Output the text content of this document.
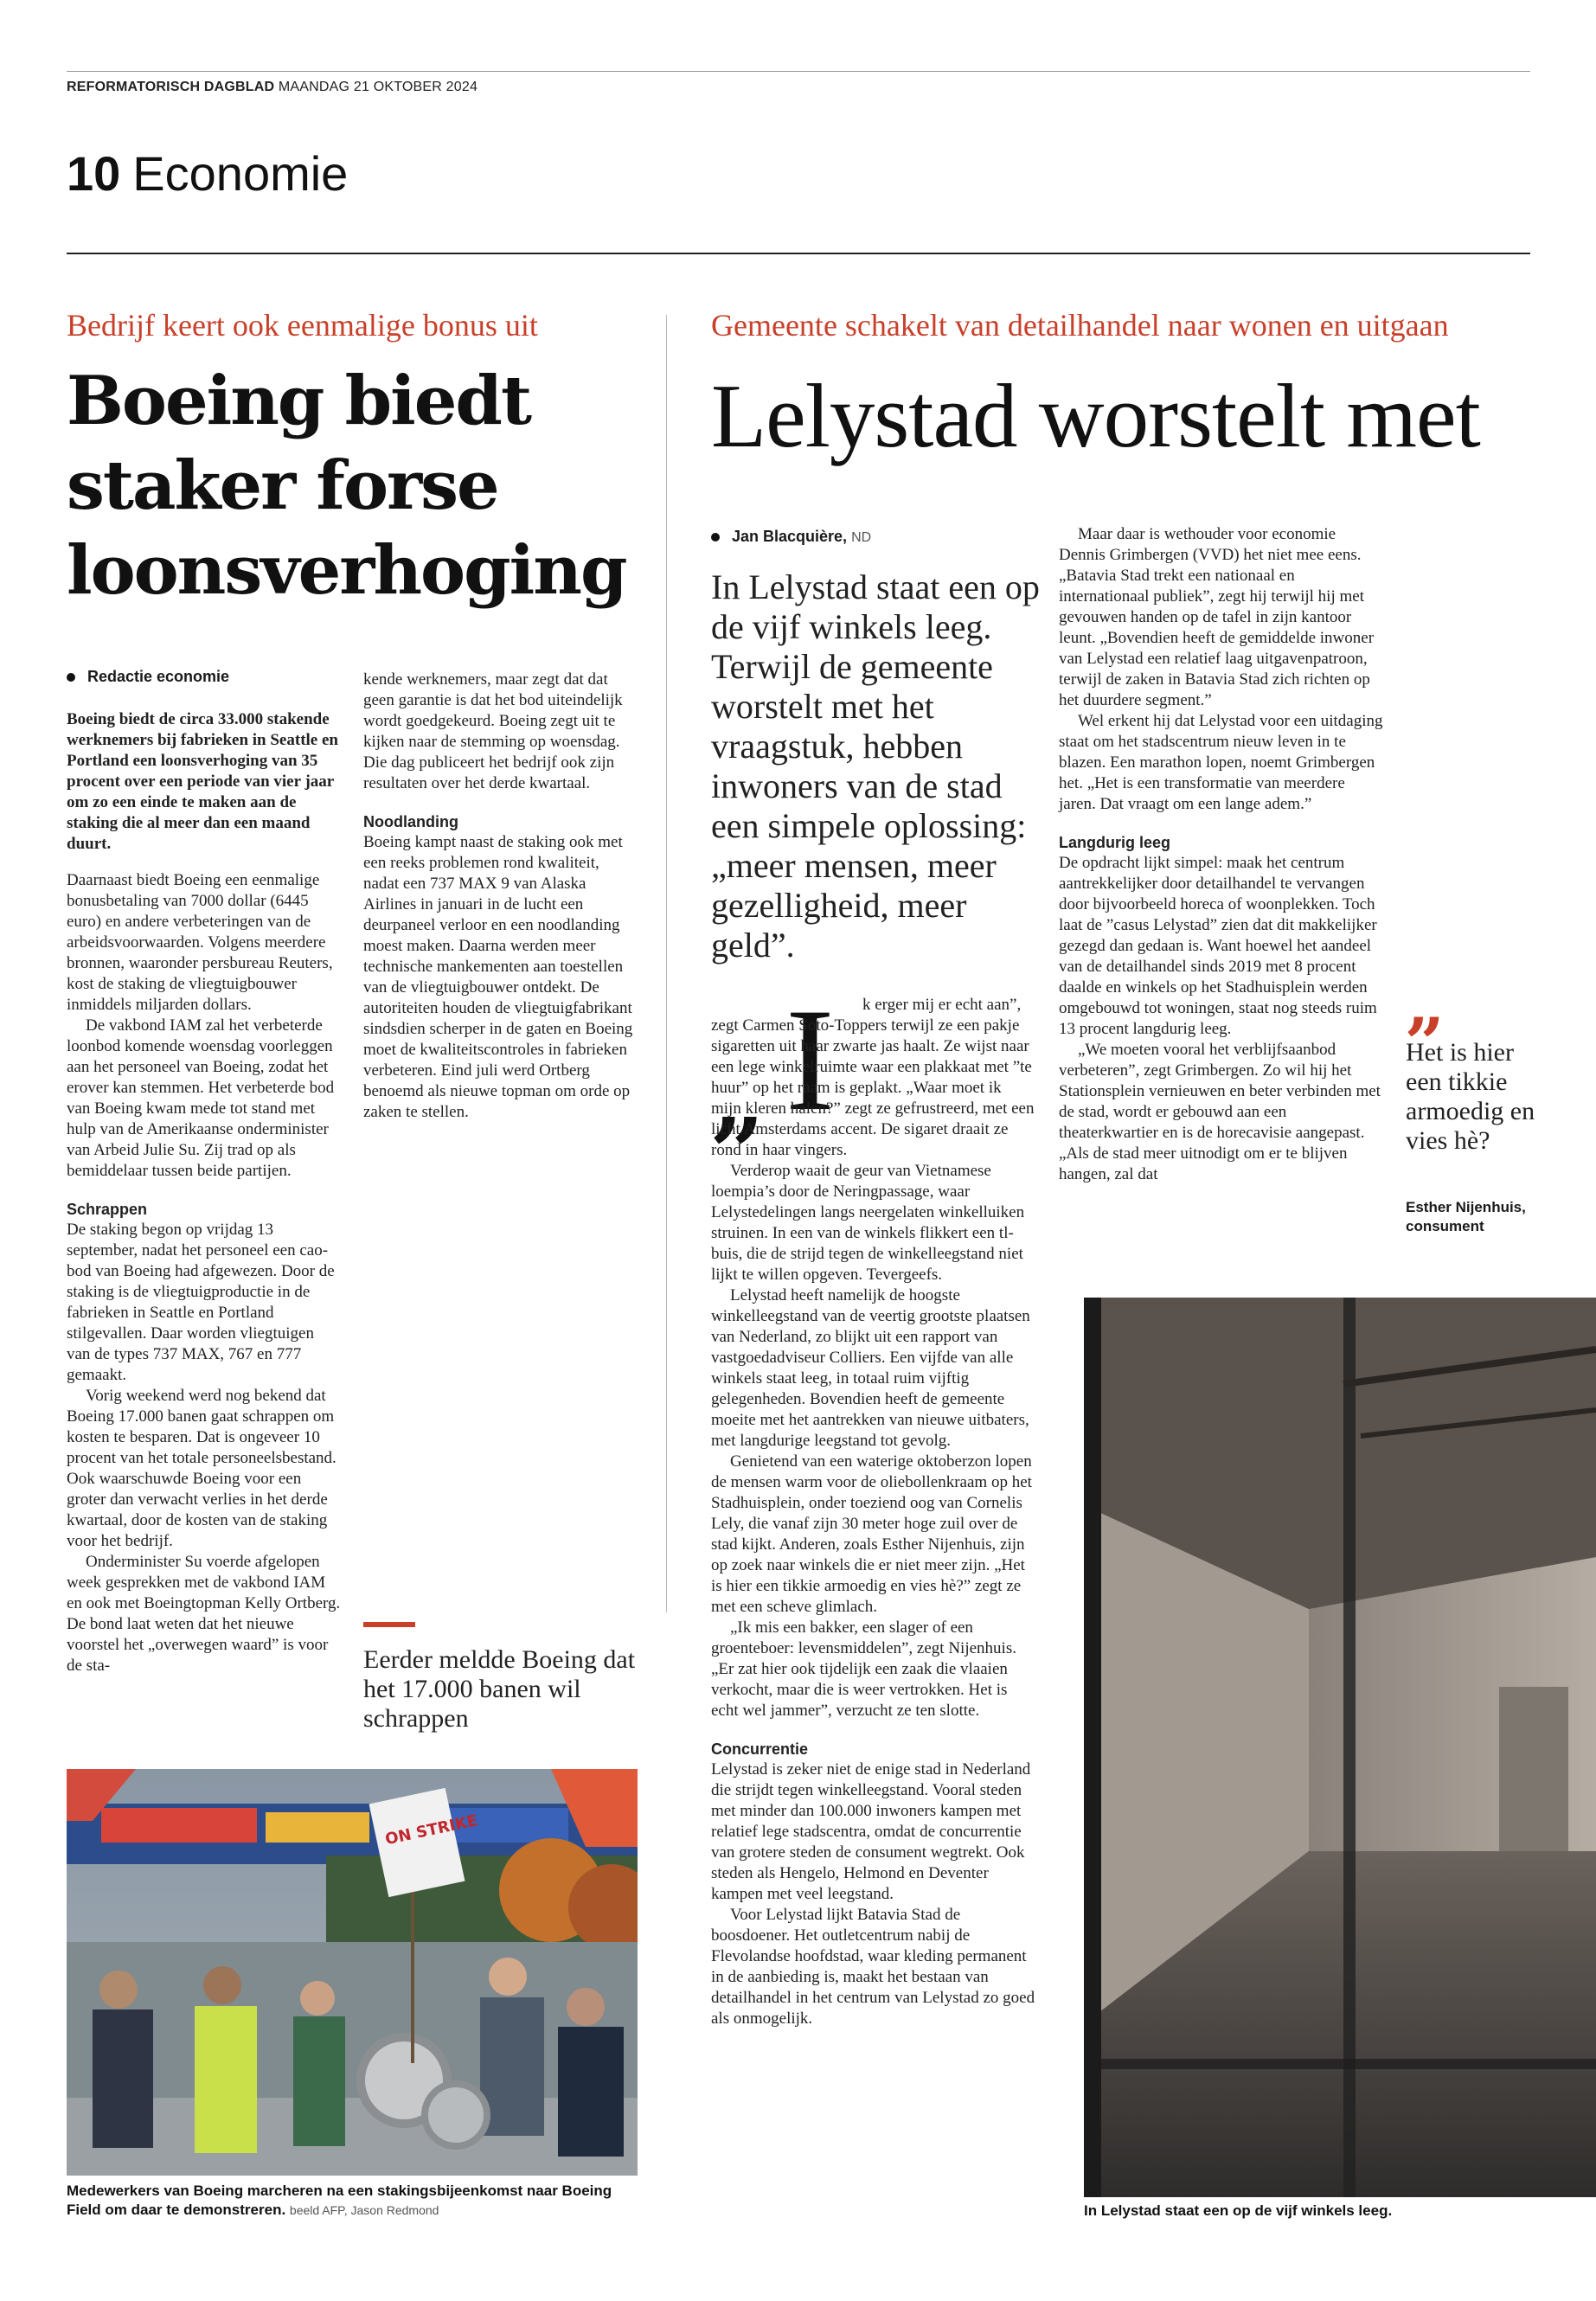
REFORMATORISCH DAGBLAD MAANDAG 21 OKTOBER 2024
10 Economie
Bedrijf keert ook eenmalige bonus uit
Boeing biedt
staker forse
loonsverhoging
Redactie economie

Boeing biedt de circa 33.000 stakende werknemers bij fabrieken in Seattle en Portland een loonsverhoging van 35 procent over een periode van vier jaar om zo een einde te maken aan de staking die al meer dan een maand duurt.

Daarnaast biedt Boeing een eenmalige bonusbetaling van 7000 dollar (6445 euro) en andere verbeteringen van de arbeidsvoorwaarden. Volgens meerdere bronnen, waaronder persbureau Reuters, kost de staking de vliegtuigbouwer inmiddels miljarden dollars.

De vakbond IAM zal het verbeterde loonbod komende woensdag voorleggen aan het personeel van Boeing, zodat het erover kan stemmen. Het verbeterde bod van Boeing kwam mede tot stand met hulp van de Amerikaanse onderminister van Arbeid Julie Su. Zij trad op als bemiddelaar tussen beide partijen.

Schrappen

De staking begon op vrijdag 13 september, nadat het personeel een cao-bod van Boeing had afgewezen. Door de staking is de vliegtuigproductie in de fabrieken in Seattle en Portland stilgevallen. Daar worden vliegtuigen van de types 737 MAX, 767 en 777 gemaakt.

Vorig weekend werd nog bekend dat Boeing 17.000 banen gaat schrappen om kosten te besparen. Dat is ongeveer 10 procent van het totale personeelsbestand. Ook waarschuwde Boeing voor een groter dan verwacht verlies in het derde kwartaal, door de kosten van de staking voor het bedrijf.

Onderminister Su voerde afgelopen week gesprekken met de vakbond IAM en ook met Boeingtopman Kelly Ortberg. De bond laat weten dat het nieuwe voorstel het „overwegen waard” is voor de sta-

kende werknemers, maar zegt dat dat geen garantie is dat het bod uiteindelijk wordt goedgekeurd. Boeing zegt uit te kijken naar de stemming op woensdag. Die dag publiceert het bedrijf ook zijn resultaten over het derde kwartaal.

Noodlanding

Boeing kampt naast de staking ook met een reeks problemen rond kwaliteit, nadat een 737 MAX 9 van Alaska Airlines in januari in de lucht een deurpaneel verloor en een noodlanding moest maken. Daarna werden meer technische mankementen aan toestellen van de vliegtuigbouwer ontdekt. De autoriteiten houden de vliegtuigfabrikant sindsdien scherper in de gaten en Boeing moet de kwaliteitscontroles in fabrieken verbeteren. Eind juli werd Ortberg benoemd als nieuwe topman om orde op zaken te stellen.

Eerder meldde Boeing dat het 17.000 banen wil schrappen
ON STRIKE
Medewerkers van Boeing marcheren na een stakingsbijeenkomst naar Boeing Field om daar te demonstreren. beeld AFP, Jason Redmond
Gemeente schakelt van detailhandel naar wonen en uitgaan
Lelystad worstelt met
Jan Blacquière, ND
In Lelystad staat een op de vijf winkels leeg. Terwijl de gemeente worstelt met het vraagstuk, hebben inwoners van de stad een simpele oplossing: „meer mensen, meer gezelligheid, meer geld”.
„ I	k erger mij er echt aan”, zegt Carmen Soto-Toppers terwijl ze een pakje sigaretten uit haar zwarte jas haalt. Ze wijst naar een lege winkelruimte waar een plakkaat met ”te huur” op het raam is geplakt. „Waar moet ik mijn kleren halen?” zegt ze gefrustreerd, met een licht Amsterdams accent. De sigaret draait ze rond in haar vingers.

Verderop waait de geur van Vietnamese loempia’s door de Neringpassage, waar Lelystedelingen langs neergelaten winkelluiken struinen. In een van de winkels flikkert een tl-buis, die de strijd tegen de winkelleegstand niet lijkt te willen opgeven. Tevergeefs.

Lelystad heeft namelijk de hoogste winkelleegstand van de veertig grootste plaatsen van Nederland, zo blijkt uit een rapport van vastgoedadviseur Colliers. Een vijfde van alle winkels staat leeg, in totaal ruim vijftig gelegenheden. Bovendien heeft de gemeente moeite met het aantrekken van nieuwe uitbaters, met langdurige leegstand tot gevolg.

Genietend van een waterige oktoberzon lopen de mensen warm voor de oliebollenkraam op het Stadhuisplein, onder toeziend oog van Cornelis Lely, die vanaf zijn 30 meter hoge zuil over de stad kijkt. Anderen, zoals Esther Nijenhuis, zijn op zoek naar winkels die er niet meer zijn. „Het is hier een tikkie armoedig en vies hè?” zegt ze met een scheve glimlach.

„Ik mis een bakker, een slager of een groenteboer: levensmiddelen”, zegt Nijenhuis. „Er zat hier ook tijdelijk een zaak die vlaaien verkocht, maar die is weer vertrokken. Het is echt wel jammer”, verzucht ze ten slotte.

Concurrentie

Lelystad is zeker niet de enige stad in Nederland die strijdt tegen winkelleegstand. Vooral steden met minder dan 100.000 inwoners kampen met relatief lege stadscentra, omdat de concurrentie van grotere steden de consument wegtrekt. Ook steden als Hengelo, Helmond en Deventer kampen met veel leegstand.

Voor Lelystad lijkt Batavia Stad de boosdoener. Het outletcentrum nabij de Flevolandse hoofdstad, waar kleding permanent in de aanbieding is, maakt het bestaan van detailhandel in het centrum van Lelystad zo goed als onmogelijk.

Maar daar is wethouder voor economie Dennis Grimbergen (VVD) het niet mee eens. „Batavia Stad trekt een nationaal en internationaal publiek”, zegt hij terwijl hij met gevouwen handen op de tafel in zijn kantoor leunt. „Bovendien heeft de gemiddelde inwoner van Lelystad een relatief laag uitgavenpatroon, terwijl de zaken in Batavia Stad zich richten op het duurdere segment.”

Wel erkent hij dat Lelystad voor een uitdaging staat om het stadscentrum nieuw leven in te blazen. Een marathon lopen, noemt Grimbergen het. „Het is een transformatie van meerdere jaren. Dat vraagt om een lange adem.”

Langdurig leeg

De opdracht lijkt simpel: maak het centrum aantrekkelijker door detailhandel te vervangen door bijvoorbeeld horeca of woonplekken. Toch laat de ”casus Lelystad” zien dat dit makkelijker gezegd dan gedaan is. Want hoewel het aandeel van de detailhandel sinds 2019 met 8 procent daalde en winkels op het Stadhuisplein werden omgebouwd tot woningen, staat nog steeds ruim 13 procent langdurig leeg.

„We moeten vooral het verblijfsaanbod verbeteren”, zegt Grimbergen. Zo wil hij het Stationsplein vernieuwen en beter verbinden met de stad, wordt er gebouwd aan een theaterkwartier en is de horecavisie aangepast. „Als de stad meer uitnodigt om er te blijven hangen, zal dat

„
Het is hier een tikkie armoedig en vies hè?
Esther Nijenhuis, consument
In Lelystad staat een op de vijf winkels leeg.
